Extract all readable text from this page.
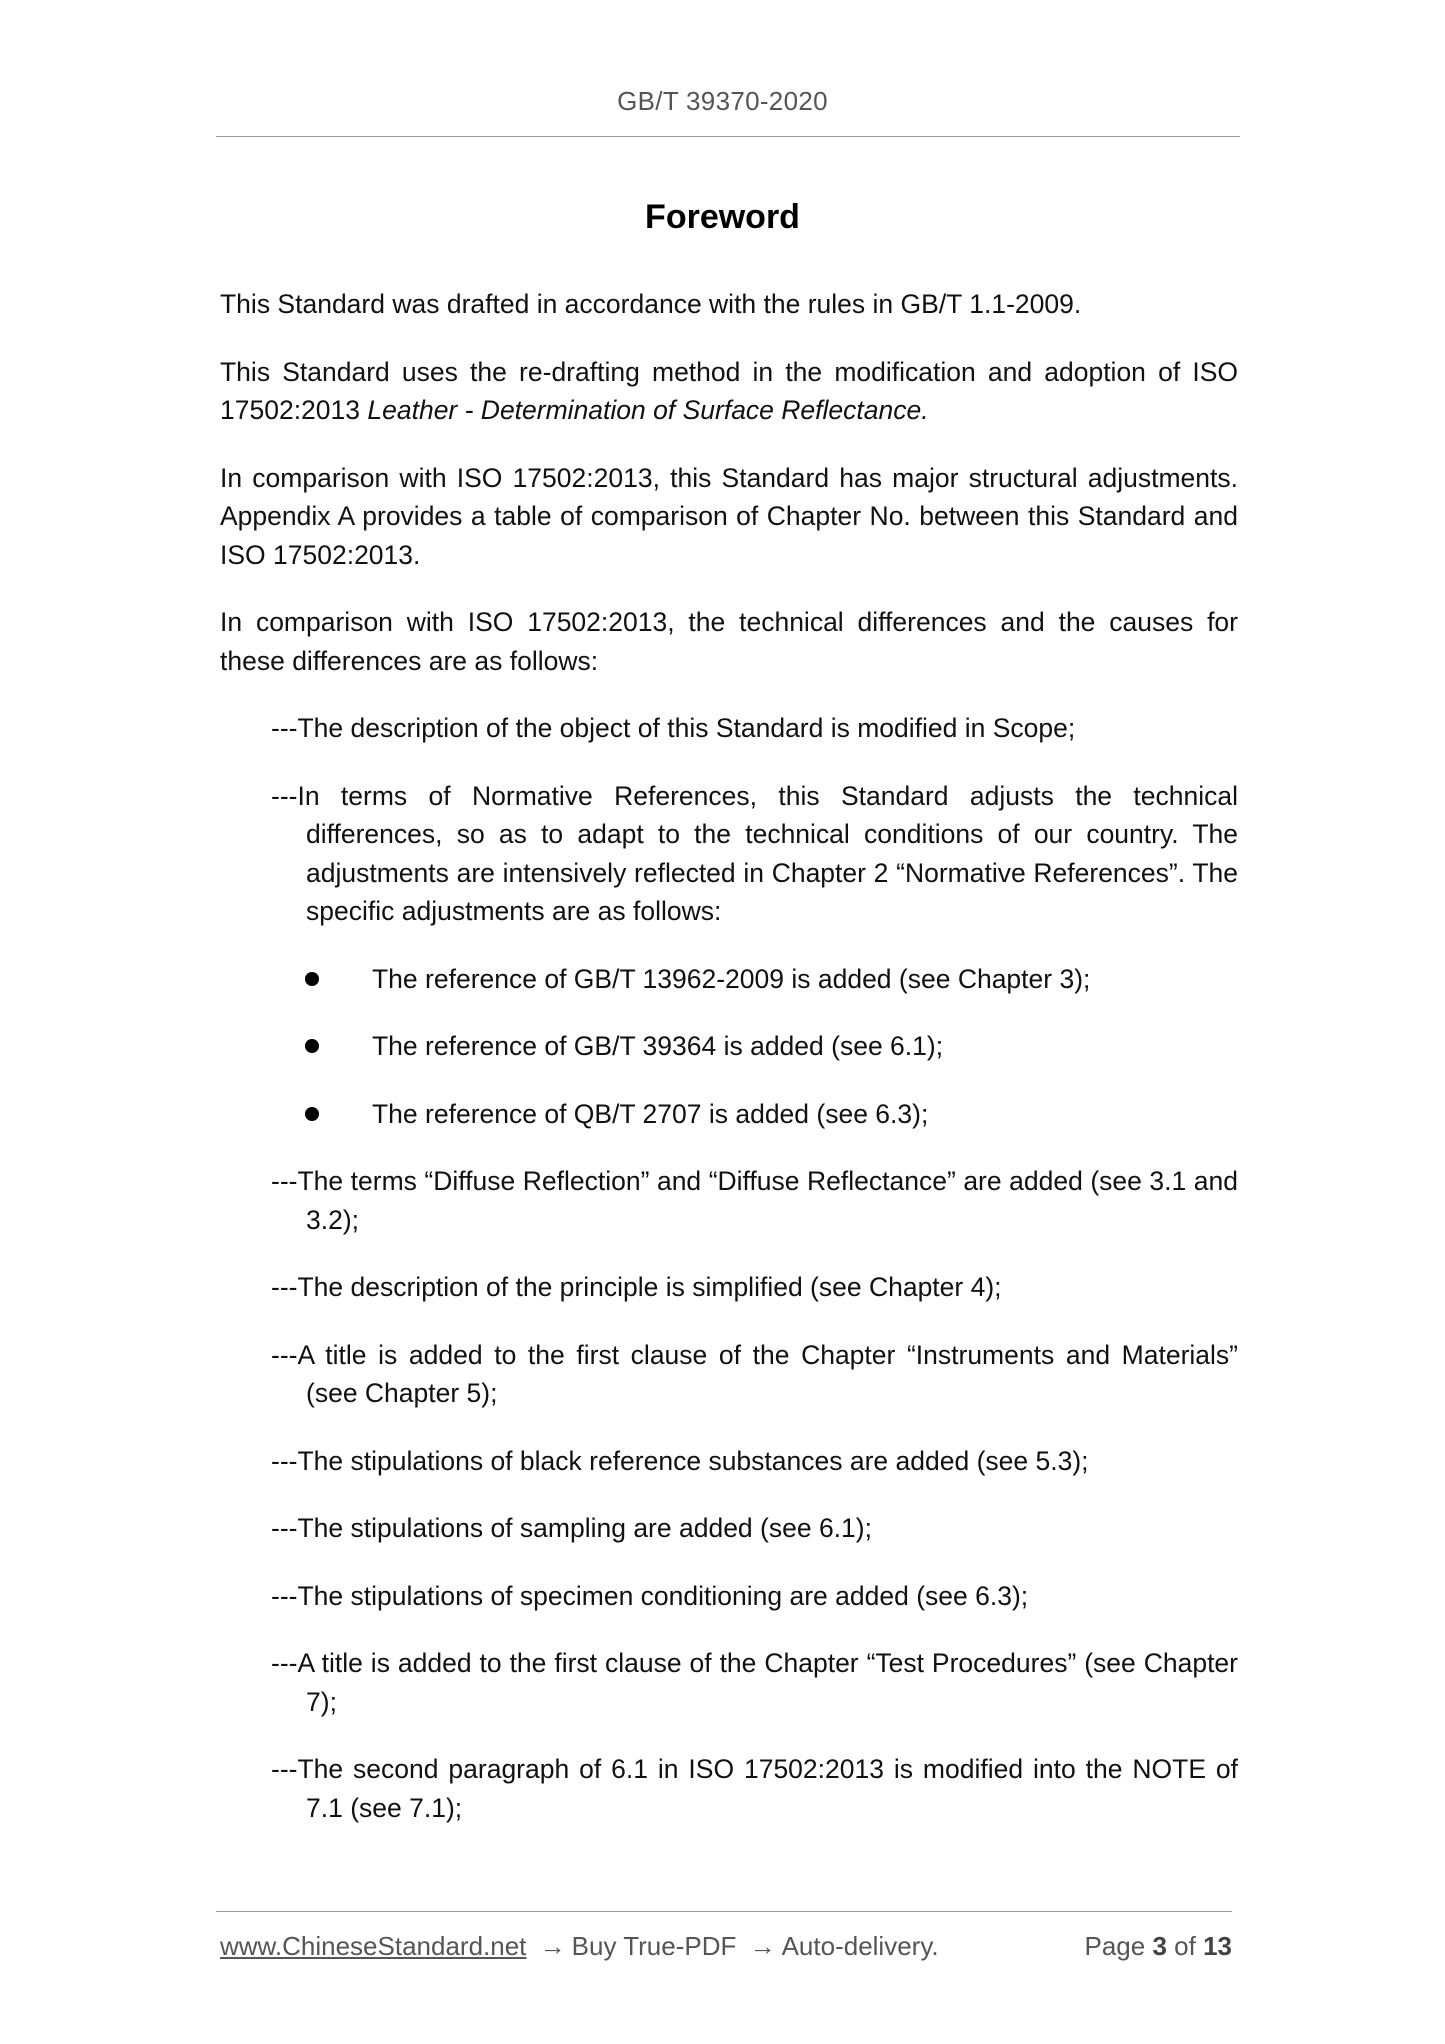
GB/T 39370-2020
Foreword

This Standard was drafted in accordance with the rules in GB/T 1.1-2009.

This Standard uses the re-drafting method in the modification and adoption of ISO 17502:2013 Leather - Determination of Surface Reflectance.

In comparison with ISO 17502:2013, this Standard has major structural adjustments. Appendix A provides a table of comparison of Chapter No. between this Standard and ISO 17502:2013.

In comparison with ISO 17502:2013, the technical differences and the causes for these differences are as follows:

---The description of the object of this Standard is modified in Scope;

---In terms of Normative References, this Standard adjusts the technical differences, so as to adapt to the technical conditions of our country. The adjustments are intensively reflected in Chapter 2 “Normative References”. The specific adjustments are as follows:

The reference of GB/T 13962-2009 is added (see Chapter 3);
The reference of GB/T 39364 is added (see 6.1);
The reference of QB/T 2707 is added (see 6.3);

---The terms “Diffuse Reflection” and “Diffuse Reflectance” are added (see 3.1 and 3.2);

---The description of the principle is simplified (see Chapter 4);

---A title is added to the first clause of the Chapter “Instruments and Materials” (see Chapter 5);

---The stipulations of black reference substances are added (see 5.3);

---The stipulations of sampling are added (see 6.1);

---The stipulations of specimen conditioning are added (see 6.3);

---A title is added to the first clause of the Chapter “Test Procedures” (see Chapter 7);

---The second paragraph of 6.1 in ISO 17502:2013 is modified into the NOTE of 7.1 (see 7.1);

www.ChineseStandard.net → Buy True-PDF → Auto-delivery.	Page 3 of 13
